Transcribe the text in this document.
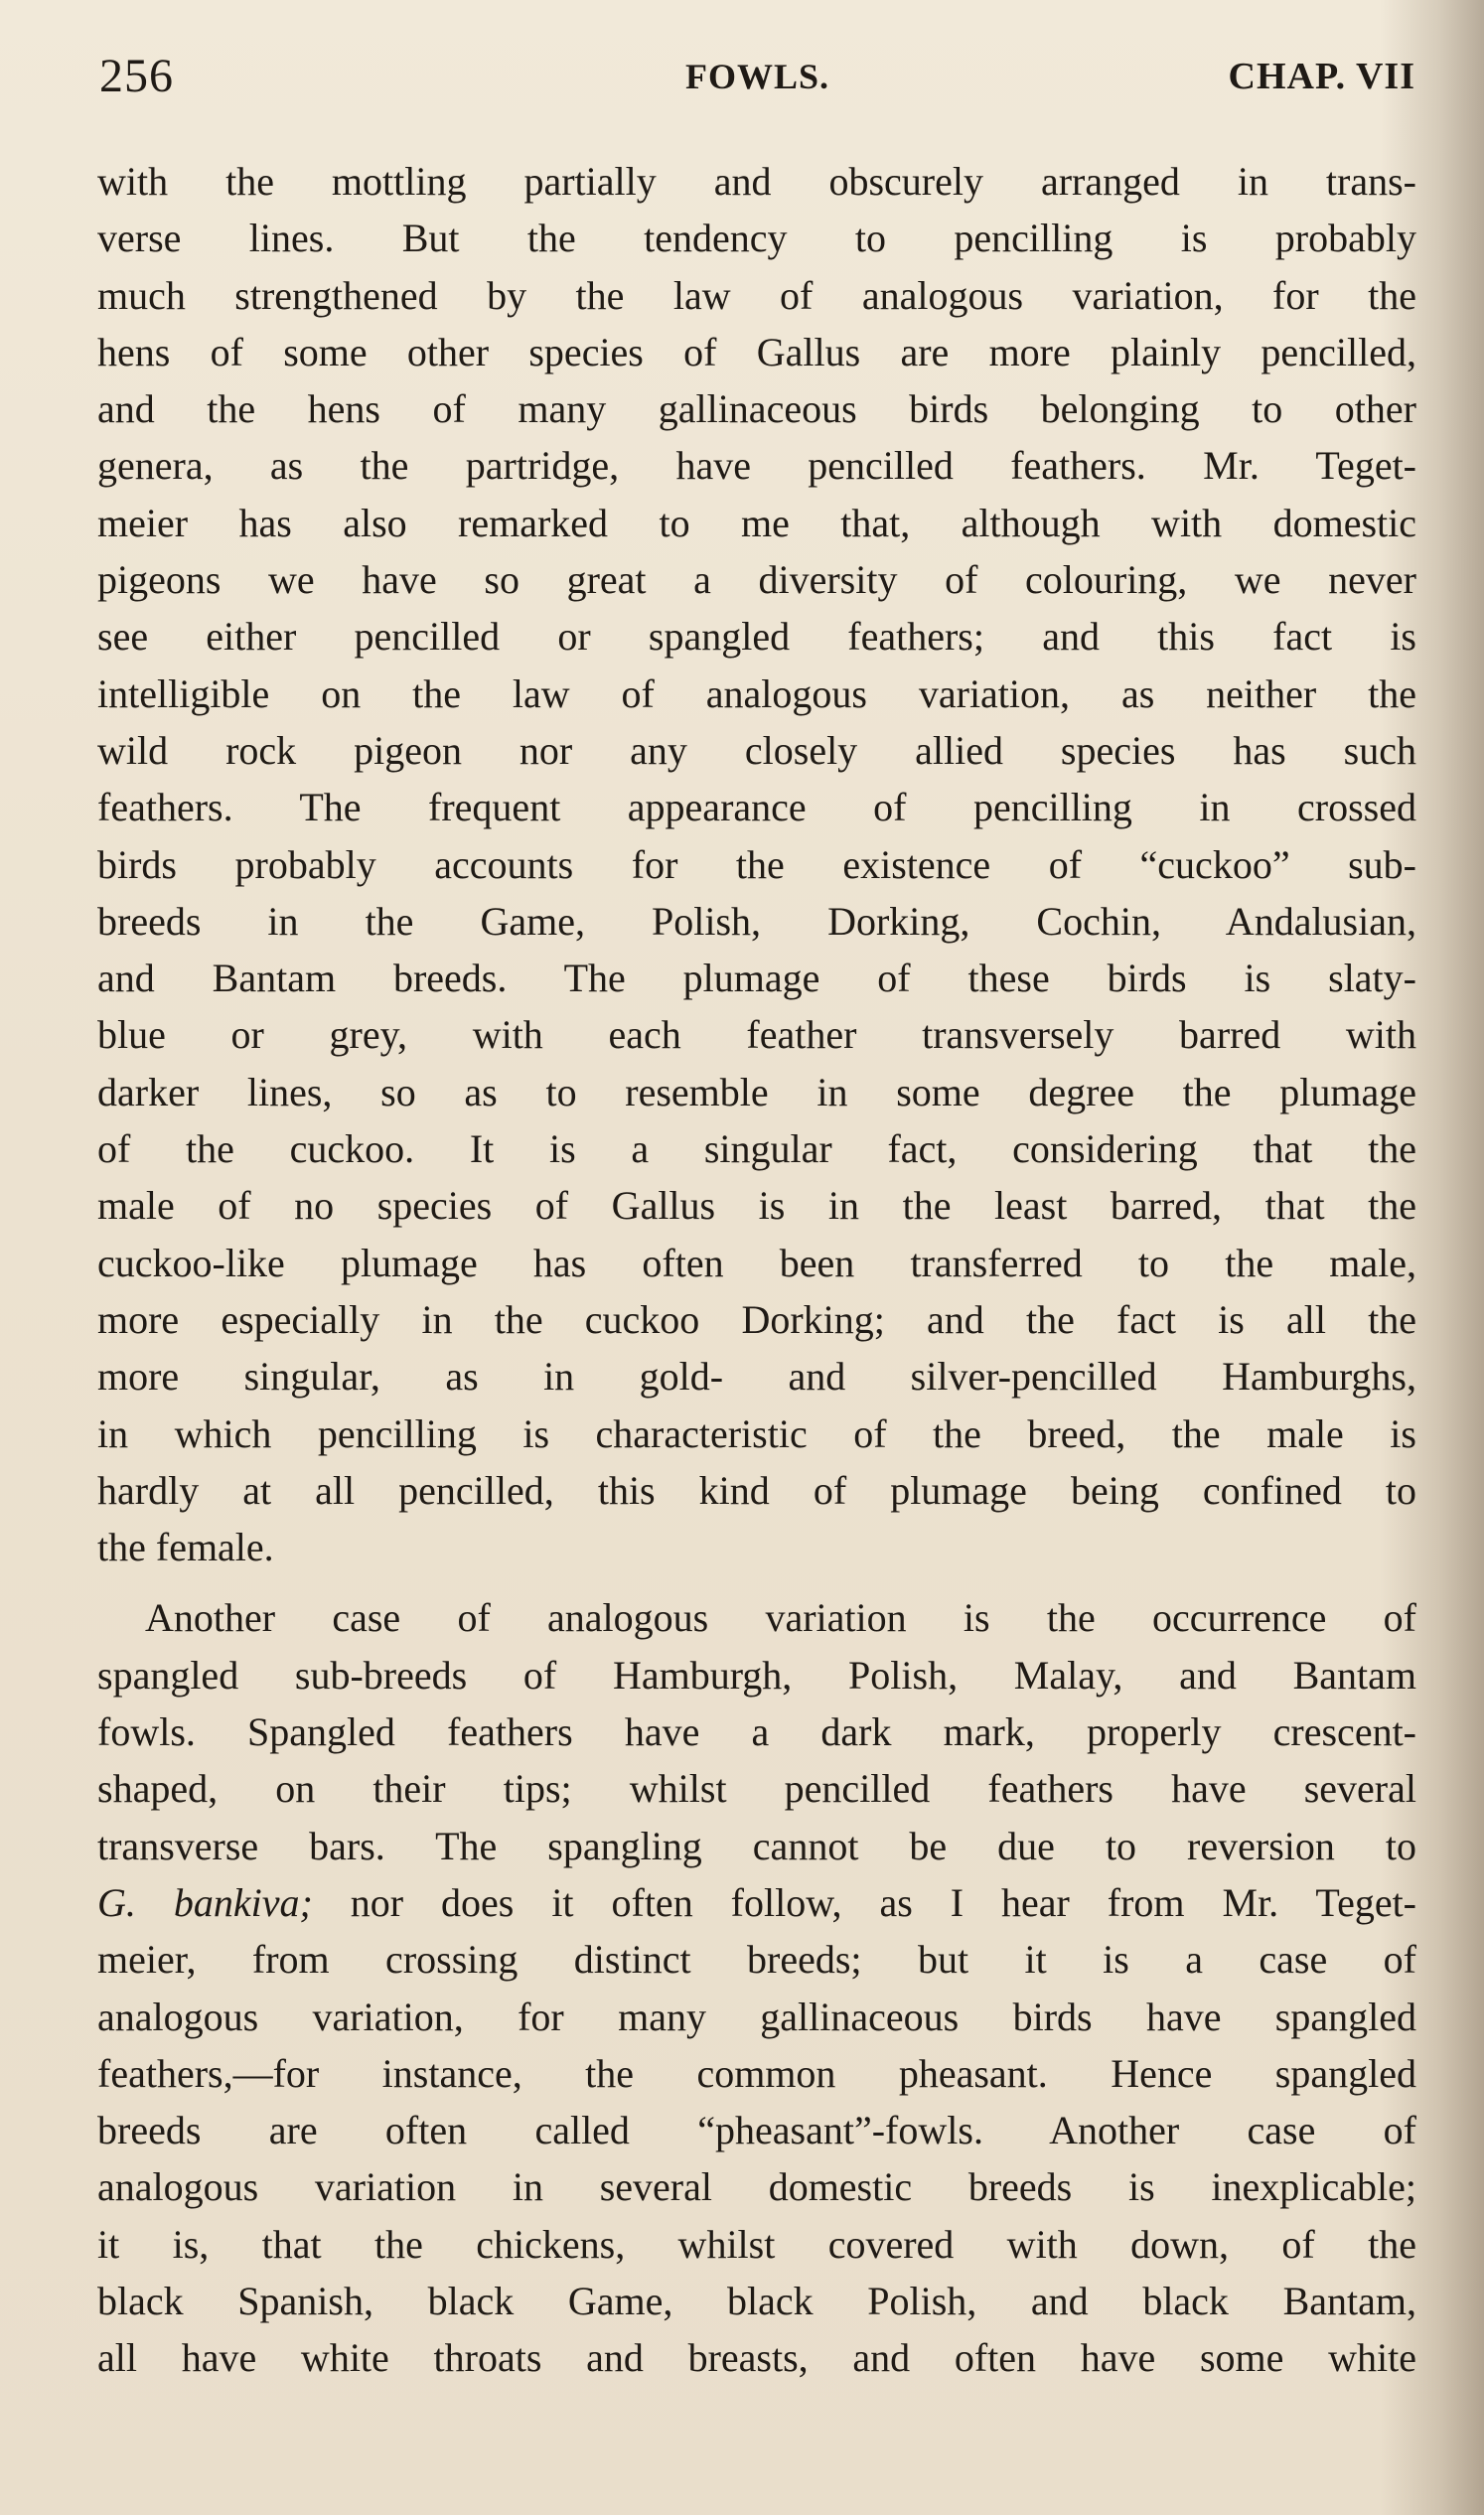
256	FOWLS.	CHAP. VII
with the mottling partially and obscurely arranged in trans-
verse lines. But the tendency to pencilling is probably
much strengthened by the law of analogous variation, for the
hens of some other species of Gallus are more plainly pencilled,
and the hens of many gallinaceous birds belonging to other
genera, as the partridge, have pencilled feathers. Mr. Teget-
meier has also remarked to me that, although with domestic
pigeons we have so great a diversity of colouring, we never
see either pencilled or spangled feathers; and this fact is
intelligible on the law of analogous variation, as neither the
wild rock pigeon nor any closely allied species has such
feathers. The frequent appearance of pencilling in crossed
birds probably accounts for the existence of “cuckoo” sub-
breeds in the Game, Polish, Dorking, Cochin, Andalusian,
and Bantam breeds. The plumage of these birds is slaty-
blue or grey, with each feather transversely barred with
darker lines, so as to resemble in some degree the plumage
of the cuckoo. It is a singular fact, considering that the
male of no species of Gallus is in the least barred, that the
cuckoo-like plumage has often been transferred to the male,
more especially in the cuckoo Dorking; and the fact is all the
more singular, as in gold- and silver-pencilled Hamburghs,
in which pencilling is characteristic of the breed, the male is
hardly at all pencilled, this kind of plumage being confined to
the female.
Another case of analogous variation is the occurrence of
spangled sub-breeds of Hamburgh, Polish, Malay, and Bantam
fowls. Spangled feathers have a dark mark, properly crescent-
shaped, on their tips; whilst pencilled feathers have several
transverse bars. The spangling cannot be due to reversion to
G. bankiva; nor does it often follow, as I hear from Mr. Teget-
meier, from crossing distinct breeds; but it is a case of
analogous variation, for many gallinaceous birds have spangled
feathers,—for instance, the common pheasant. Hence spangled
breeds are often called “pheasant”-fowls. Another case of
analogous variation in several domestic breeds is inexplicable;
it is, that the chickens, whilst covered with down, of the
black Spanish, black Game, black Polish, and black Bantam,
all have white throats and breasts, and often have some white
